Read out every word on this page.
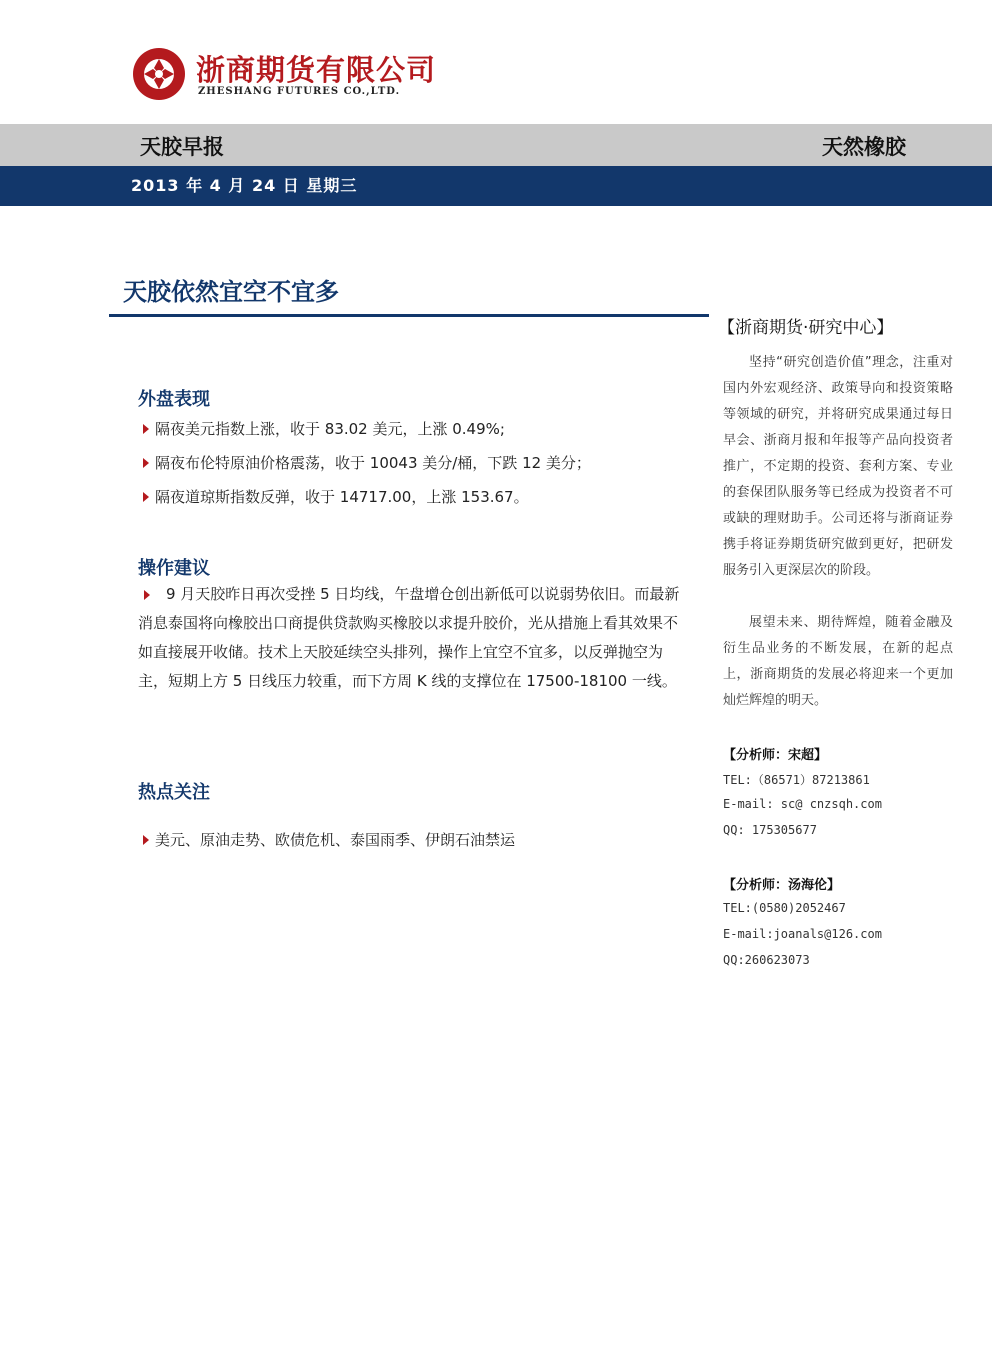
浙商期货有限公司
ZHESHANG FUTURES CO.,LTD.
天胶早报	天然橡胶
2013 年 4 月 24 日 星期三
天胶依然宜空不宜多
外盘表现
隔夜美元指数上涨，收于 83.02 美元，上涨 0.49%;
隔夜布伦特原油价格震荡，收于 10043 美分/桶，下跌 12 美分；
隔夜道琼斯指数反弹，收于 14717.00，上涨 153.67。
操作建议
9 月天胶昨日再次受挫 5 日均线，午盘增仓创出新低可以说弱势依旧。而最新消息泰国将向橡胶出口商提供贷款购买橡胶以求提升胶价，光从措施上看其效果不如直接展开收储。技术上天胶延续空头排列，操作上宜空不宜多，以反弹抛空为主，短期上方 5 日线压力较重，而下方周 K 线的支撑位在 17500-18100 一线。
热点关注
美元、原油走势、欧债危机、泰国雨季、伊朗石油禁运
【浙商期货·研究中心】
坚持“研究创造价值”理念，注重对国内外宏观经济、政策导向和投资策略等领域的研究，并将研究成果通过每日早会、浙商月报和年报等产品向投资者推广，不定期的投资、套利方案、专业的套保团队服务等已经成为投资者不可或缺的理财助手。公司还将与浙商证券携手将证券期货研究做到更好，把研发服务引入更深层次的阶段。
展望未来、期待辉煌，随着金融及衍生品业务的不断发展，在新的起点上，浙商期货的发展必将迎来一个更加灿烂辉煌的明天。
【分析师：宋超】
TEL:（86571）87213861
E-mail: sc@ cnzsqh.com
QQ: 175305677
【分析师：汤海伦】
TEL:(0580)2052467
E-mail:joanals@126.com
QQ:260623073
